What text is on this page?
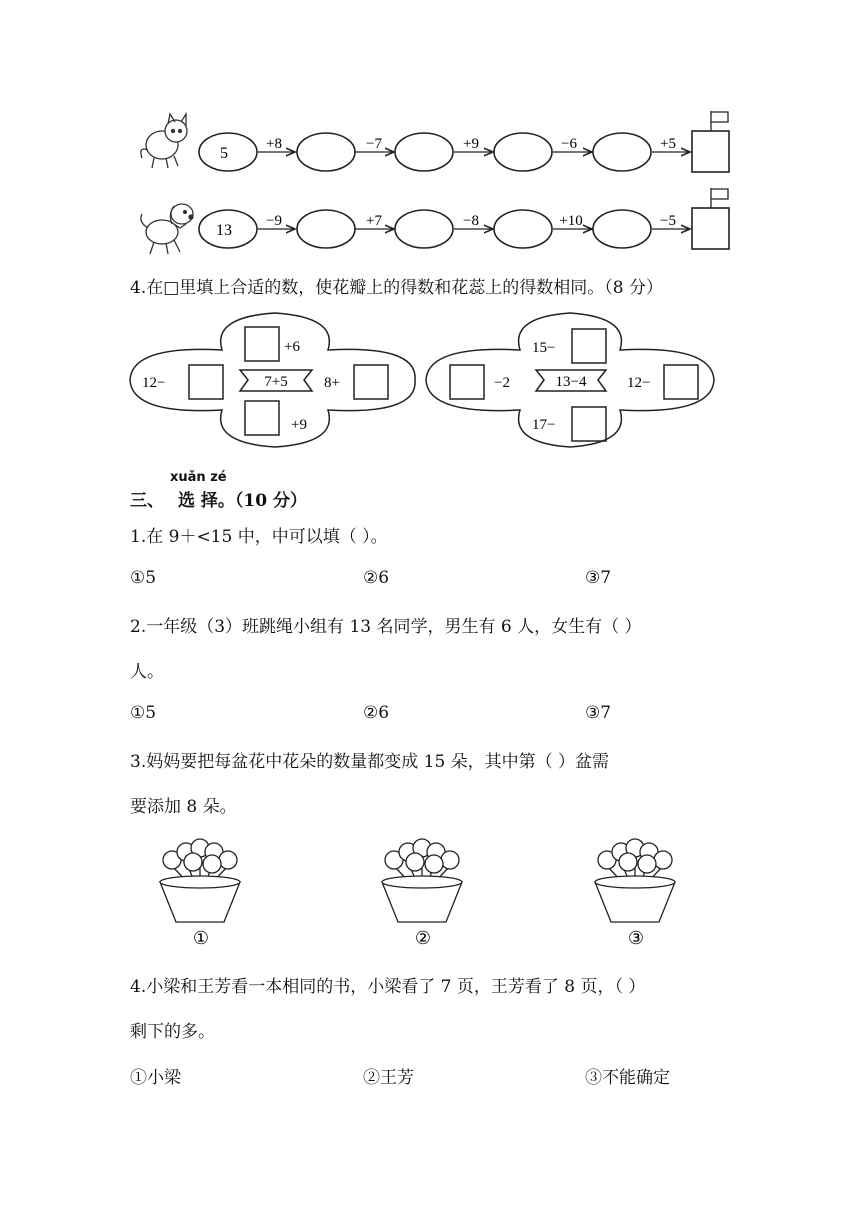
5
+8	−7	+9	−6	+5
13
−9	+7	−8	+10	−5
4.在□里填上合适的数，使花瓣上的得数和花蕊上的得数相同。（8 分）
7+5
+6
+9
12−	8+	13−4
15−
17−
−2	12−
xuǎn zé
三、 选 择。（10 分）
1.在 9＋<15 中，中可以填（ ）。
①5	②6	③7
2.一年级（3）班跳绳小组有 13 名同学，男生有 6 人，女生有（ ）
人。
①5	②6	③7
3.妈妈要把每盆花中花朵的数量都变成 15 朵，其中第（ ）盆需
要添加 8 朵。
①	②	③
4.小梁和王芳看一本相同的书，小梁看了 7 页，王芳看了 8 页，（ ）
剩下的多。
①小梁	②王芳	③不能确定
